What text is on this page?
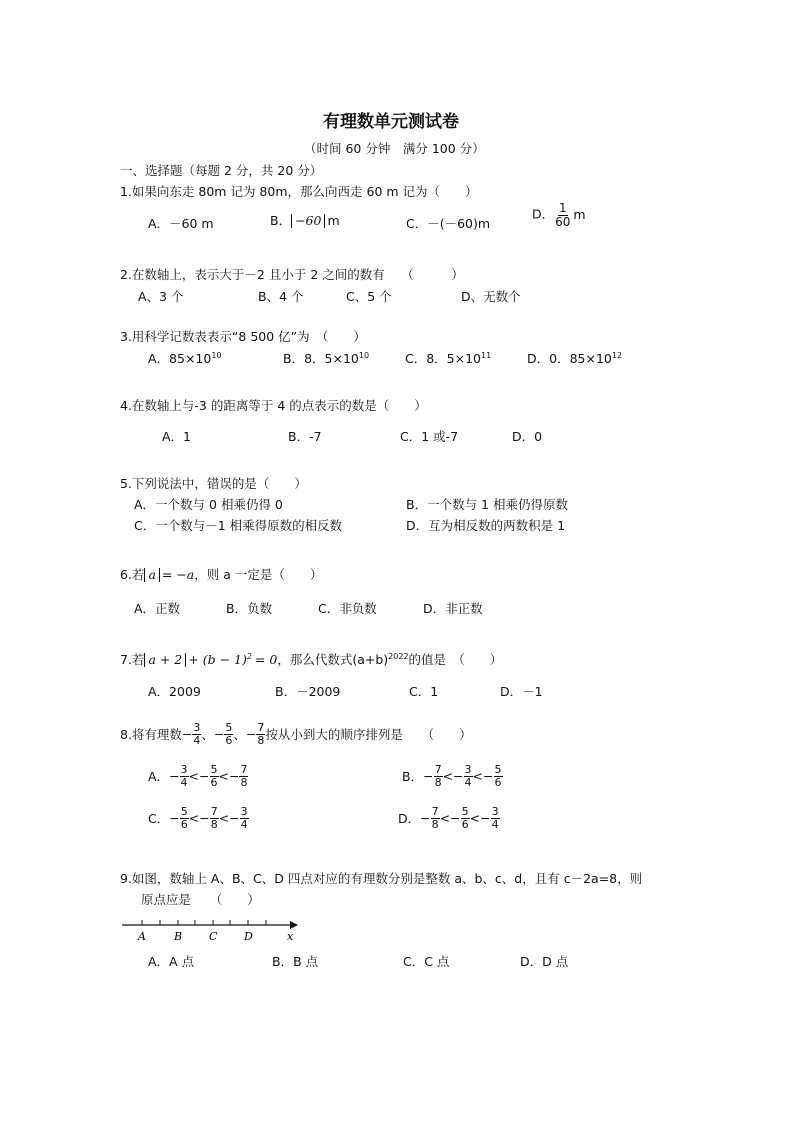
有理数单元测试卷
（时间 60 分钟　满分 100 分）
一、选择题（每题 2 分，共 20 分）
1.如果向东走 80m 记为 80m，那么向西走 60 m 记为（　　）
A．－60 m	B． −60 m	C．－(－60)m
D． $\frac{1}{60}$ m
2.在数轴上，表示大于－2 且小于 2 之间的数有　 （　　　）
A、3 个	B、4 个	C、5 个	D、无数个
3.用科学记数表表示“8 500 亿”为　（　　）
A．$85\times 10^{10}$	B．8．$5\times 10^{10}$	C．8．$5\times 10^{11}$	D．0．$85\times 10^{12}$
4.在数轴上与-3 的距离等于 4 的点表示的数是（　　）
A．1	B．-7	C．1 或-7	D．0
5.下列说法中，错误的是（　　）
A．一个数与 0 相乘仍得 0	B．一个数与 1 相乘仍得原数
C．一个数与－1 相乘得原数的相反数	D．互为相反数的两数积是 1
6.若 a = −a，则 a 一定是（　　）
A．正数	B．负数	C．非负数	D．非正数
7.若 $a + 2 + (b - 1)^2 = 0$，那么代数式$(a+b)^{2022}$的值是　（　　）
A．2009	B．－2009	C．1	D．－1
8.将有理数− $\frac{3}{4}$ 、− $\frac{5}{6}$ 、− $\frac{7}{8}$ 按从小到大的顺序排列是　　（　　）
A．− $\frac{3}{4} <- \frac{5}{6} <- \frac{7}{8}$	B．− $\frac{7}{8} <- \frac{3}{4} <- \frac{5}{6}$
C．− $\frac{5}{6} <- \frac{7}{8} <- \frac{3}{4}$	D．− $\frac{7}{8} <- \frac{5}{6} <- \frac{3}{4}$
9.如图，数轴上 A、B、C、D 四点对应的有理数分别是整数 a、b、c、d，且有 c－2a=8，则
原点应是　　（　　）
A	B C D	x
A．A 点	B．B 点	C．C 点	D．D 点
